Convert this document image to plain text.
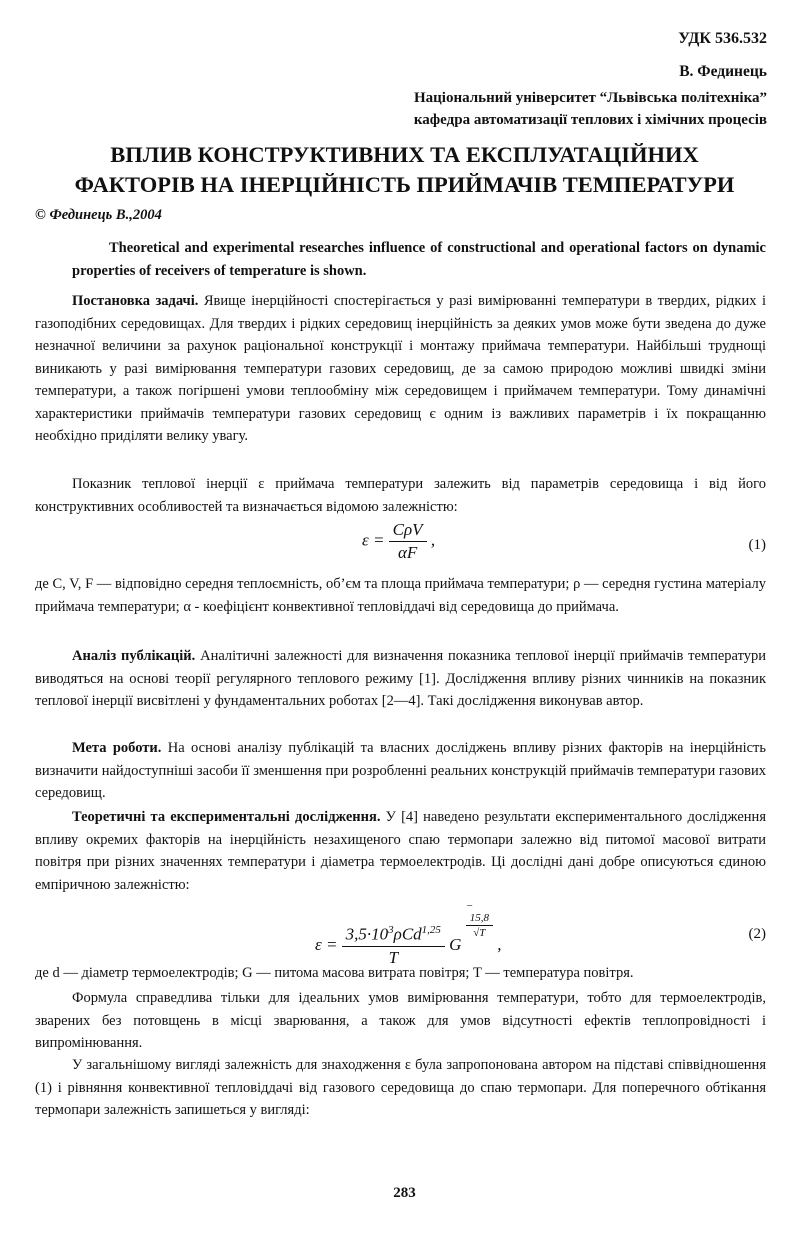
УДК 536.532
В. Фединець
Національний університет “Львівська політехніка”
кафедра автоматизації теплових і хімічних процесів
ВПЛИВ КОНСТРУКТИВНИХ ТА ЕКСПЛУАТАЦІЙНИХ
ФАКТОРІВ НА ІНЕРЦІЙНІСТЬ ПРИЙМАЧІВ ТЕМПЕРАТУРИ
© Фединець В.,2004
Theoretical and experimental researches influence of constructional and operational factors on dynamic properties of receivers of temperature is shown.
Постановка задачі. Явище інерційності спостерігається у разі вимірюванні температури в твердих, рідких і газоподібних середовищах. Для твердих і рідких середовищ інерційність за деяких умов може бути зведена до дуже незначної величини за рахунок раціональної конструкції і монтажу приймача температури. Найбільші труднощі виникають у разі вимірювання температури газових середовищ, де за самою природою можливі швидкі зміни температури, а також погіршені умови теплообміну між середовищем і приймачем температури. Тому динамічні характеристики приймачів температури газових середовищ є одним із важливих параметрів і їх покращанню необхідно приділяти велику увагу.
Показник теплової інерції ε приймача температури залежить від параметрів середовища і від його конструктивних особливостей та визначається відомою залежністю:
$\varepsilon = \frac{\text{CρV}}{\alpha F}$ ,	(1)
де C, V, F — відповідно середня теплоємність, об’єм та площа приймача температури; ρ — середня густина матеріалу приймача температури; α - коефіцієнт конвективної тепловіддачі від середовища до приймача.
Аналіз публікацій. Аналітичні залежності для визначення показника теплової інерції приймачів температури виводяться на основі теорії регулярного теплового режиму [1]. Дослідження впливу різних чинників на показник теплової інерції висвітлені у фундаментальних роботах [2—4]. Такі дослідження виконував автор.
Мета роботи. На основі аналізу публікацій та власних досліджень впливу різних факторів на інерційність визначити найдоступніші засоби її зменшення при розробленні реальних конструкцій приймачів температури газових середовищ.
Теоретичні та експериментальні дослідження. У [4] наведено результати експериментального дослідження впливу окремих факторів на інерційність незахищеного спаю термопари залежно від питомої масової витрати повітря при різних значеннях температури і діаметра термоелектродів. Ці дослідні дані добре описуються єдиною емпіричною залежністю:
$\varepsilon = \frac{3,5\cdot 10^3\rho Cd^{1,25}}{T}$ G
−
15,8
√T
,
(2)
де d — діаметр термоелектродів; G — питома масова витрата повітря; T — температура повітря.
Формула справедлива тільки для ідеальних умов вимірювання температури, тобто для термоелектродів, зварених без потовщень в місці зварювання, а також для умов відсутності ефектів теплопровідності і випромінювання.
У загальнішому вигляді залежність для знаходження ε була запропонована автором на підставі співвідношення (1) і рівняння конвективної тепловіддачі від газового середовища до спаю термопари. Для поперечного обтікання термопари залежність запишеться у вигляді:
283
